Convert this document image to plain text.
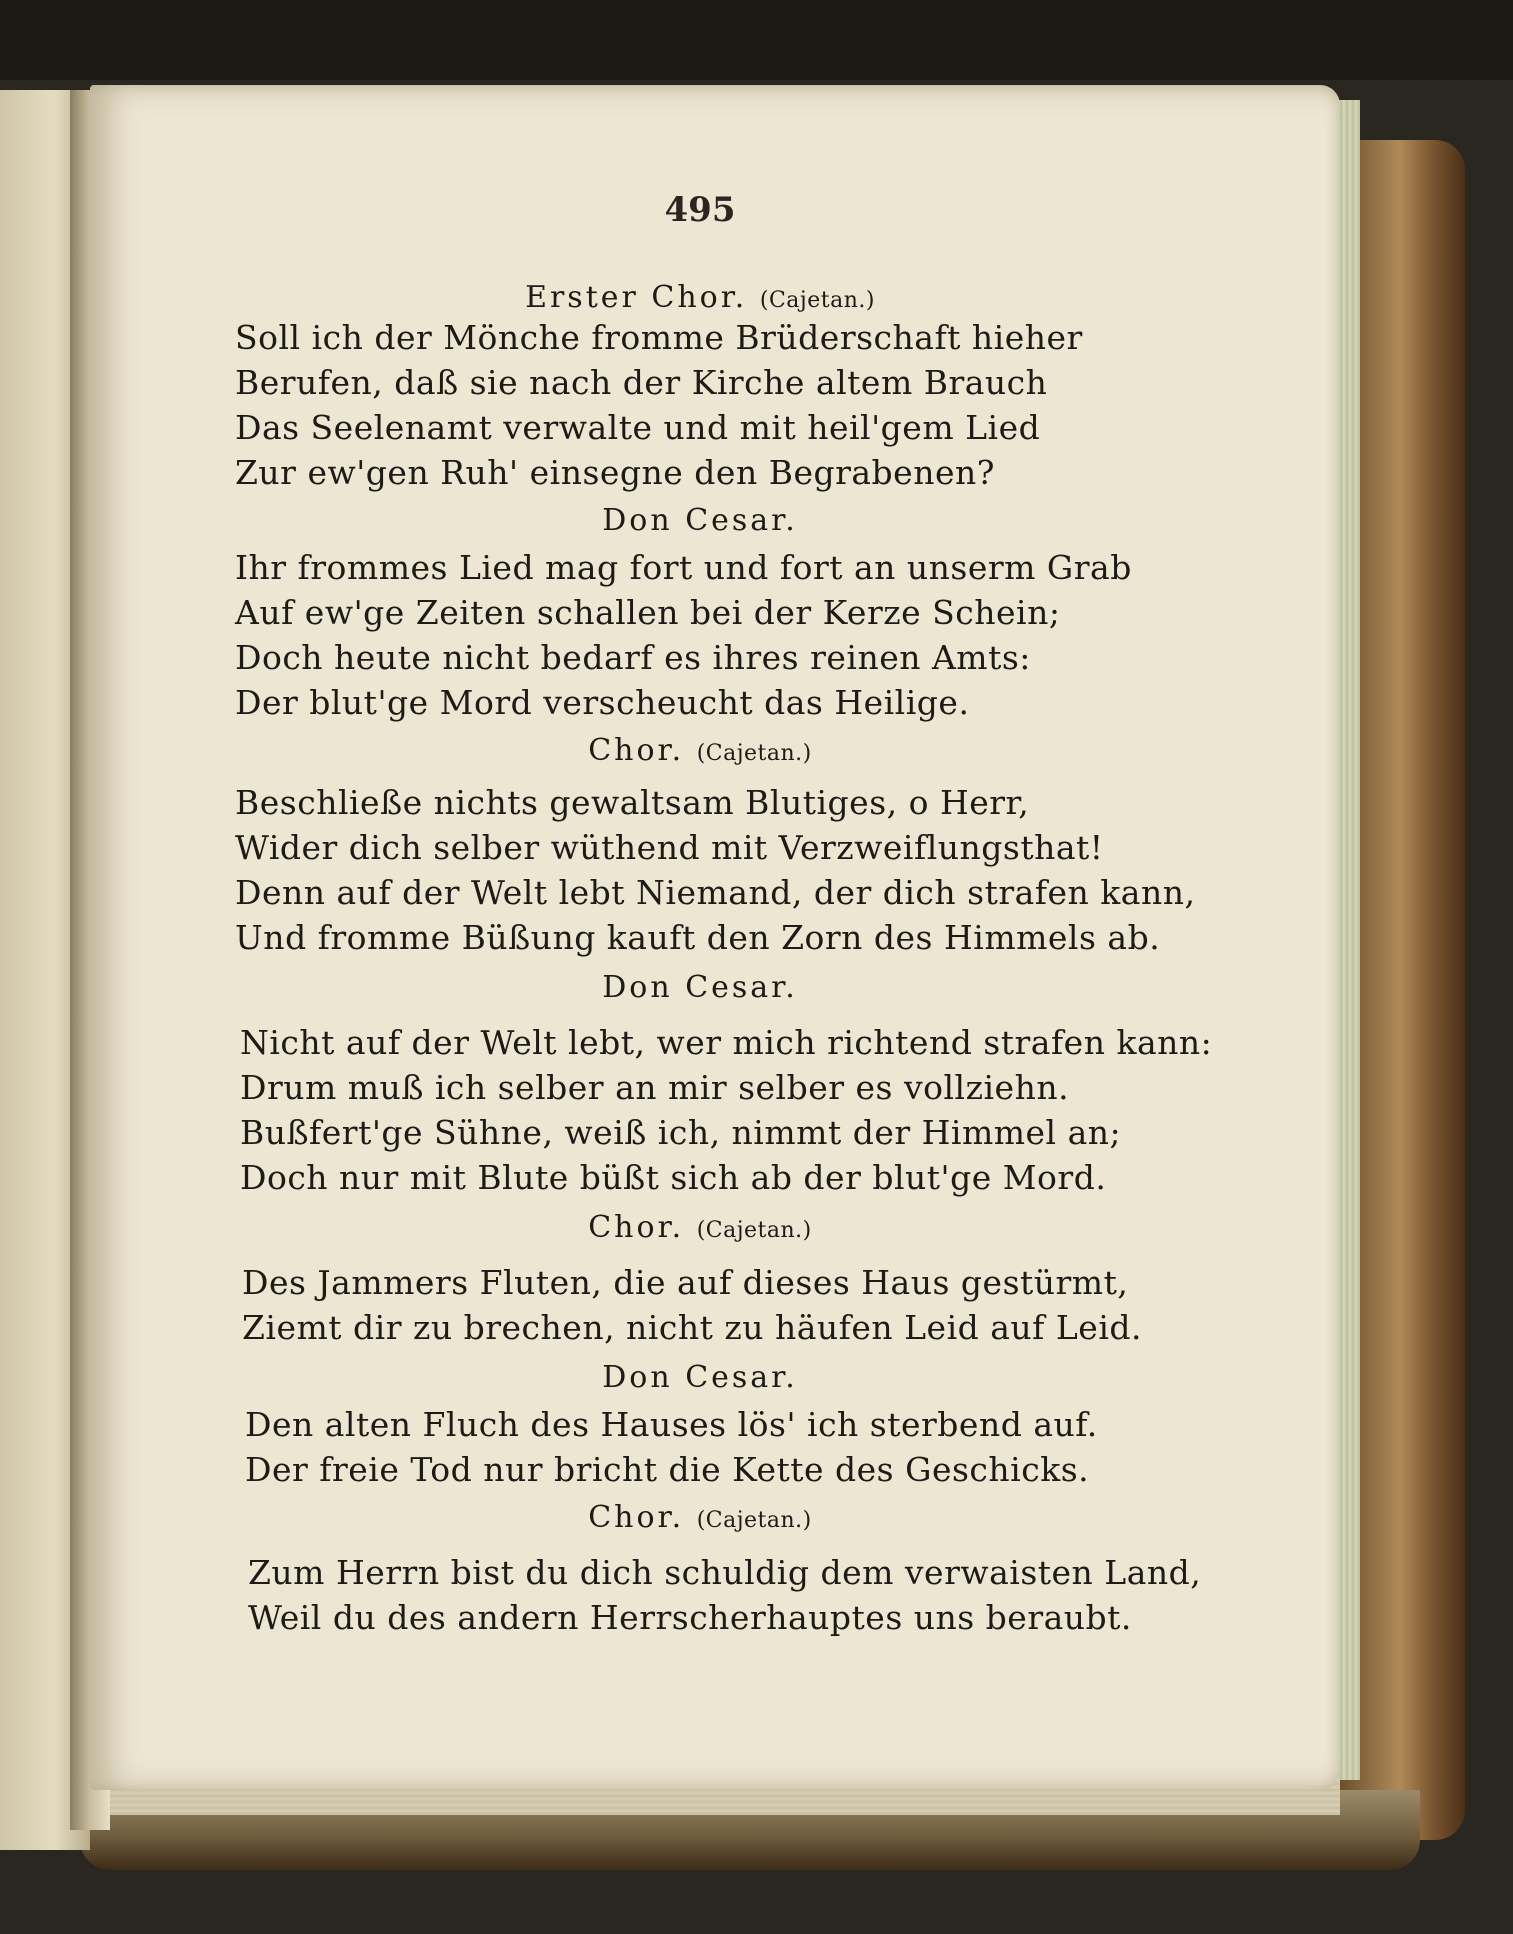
495
Erster Chor. (Cajetan.)
Soll ich der Mönche fromme Brüderschaft hieher
Berufen, daß sie nach der Kirche altem Brauch
Das Seelenamt verwalte und mit heil'gem Lied
Zur ew'gen Ruh' einsegne den Begrabenen?
Don Cesar.
Ihr frommes Lied mag fort und fort an unserm Grab
Auf ew'ge Zeiten schallen bei der Kerze Schein;
Doch heute nicht bedarf es ihres reinen Amts:
Der blut'ge Mord verscheucht das Heilige.
Chor. (Cajetan.)
Beschließe nichts gewaltsam Blutiges, o Herr,
Wider dich selber wüthend mit Verzweiflungsthat!
Denn auf der Welt lebt Niemand, der dich strafen kann,
Und fromme Büßung kauft den Zorn des Himmels ab.
Don Cesar.
Nicht auf der Welt lebt, wer mich richtend strafen kann:
Drum muß ich selber an mir selber es vollziehn.
Bußfert'ge Sühne, weiß ich, nimmt der Himmel an;
Doch nur mit Blute büßt sich ab der blut'ge Mord.
Chor. (Cajetan.)
Des Jammers Fluten, die auf dieses Haus gestürmt,
Ziemt dir zu brechen, nicht zu häufen Leid auf Leid.
Don Cesar.
Den alten Fluch des Hauses lös' ich sterbend auf.
Der freie Tod nur bricht die Kette des Geschicks.
Chor. (Cajetan.)
Zum Herrn bist du dich schuldig dem verwaisten Land,
Weil du des andern Herrscherhauptes uns beraubt.
